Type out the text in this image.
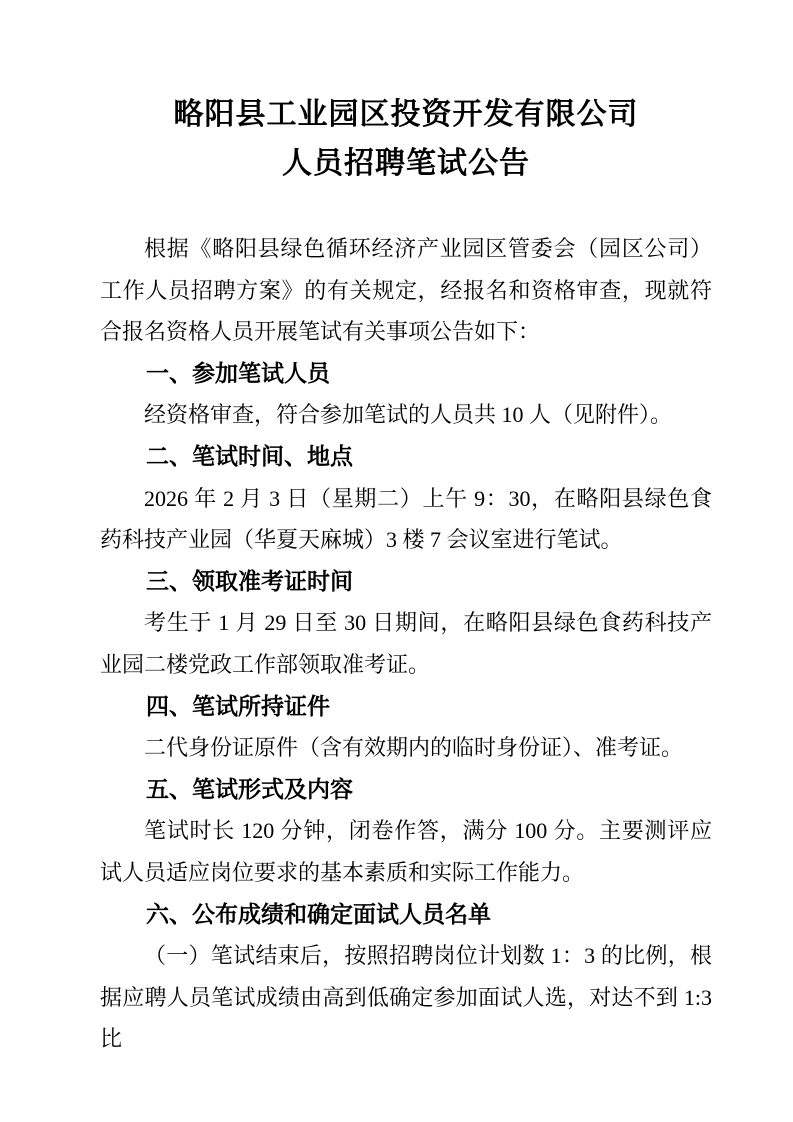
略阳县工业园区投资开发有限公司
人员招聘笔试公告

根据《略阳县绿色循环经济产业园区管委会（园区公司）工作人员招聘方案》的有关规定，经报名和资格审查，现就符合报名资格人员开展笔试有关事项公告如下：

一、参加笔试人员

经资格审查，符合参加笔试的人员共 10 人（见附件）。

二、笔试时间、地点

2026 年 2 月 3 日（星期二）上午 9：30，在略阳县绿色食药科技产业园（华夏天麻城）3 楼 7 会议室进行笔试。

三、领取准考证时间

考生于 1 月 29 日至 30 日期间，在略阳县绿色食药科技产业园二楼党政工作部领取准考证。

四、笔试所持证件

二代身份证原件（含有效期内的临时身份证）、准考证。

五、笔试形式及内容

笔试时长 120 分钟，闭卷作答，满分 100 分。主要测评应试人员适应岗位要求的基本素质和实际工作能力。

六、公布成绩和确定面试人员名单

（一）笔试结束后，按照招聘岗位计划数 1：3 的比例，根据应聘人员笔试成绩由高到低确定参加面试人选，对达不到 1:3 比
